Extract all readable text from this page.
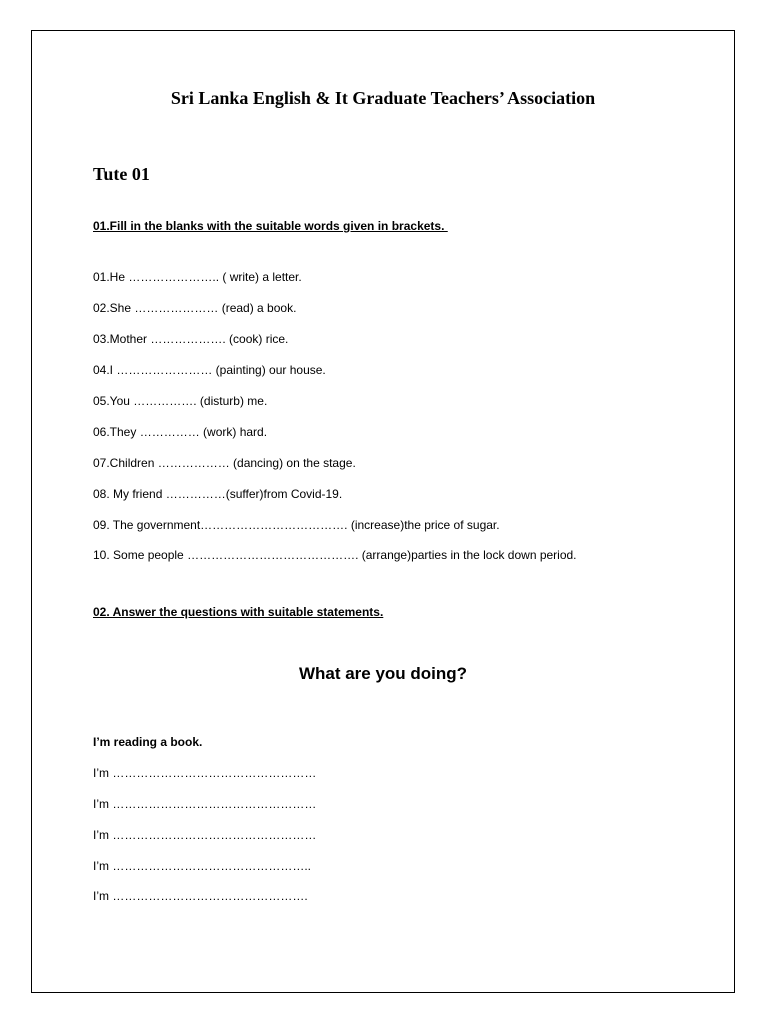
Sri Lanka English & It Graduate Teachers’ Association
Tute 01
01.Fill in the blanks with the suitable words given in brackets.
01.He ………………….. ( write) a letter.
02.She ………………… (read) a book.
03.Mother ………………. (cook) rice.
04.I …………………… (painting) our house.
05.You ……………. (disturb) me.
06.They …………… (work) hard.
07.Children ……………… (dancing) on the stage.
08. My friend ……………(suffer)from Covid-19.
09. The government………………………………. (increase)the price of sugar.
10. Some people ……………………………………. (arrange)parties in the lock down period.
02. Answer the questions with suitable statements.
What are you doing?
I’m reading a book.
I’m ……………………………………………
I’m ……………………………………………
I’m ……………………………………………
I’m …………………………………………..
I’m ………………………………………….
